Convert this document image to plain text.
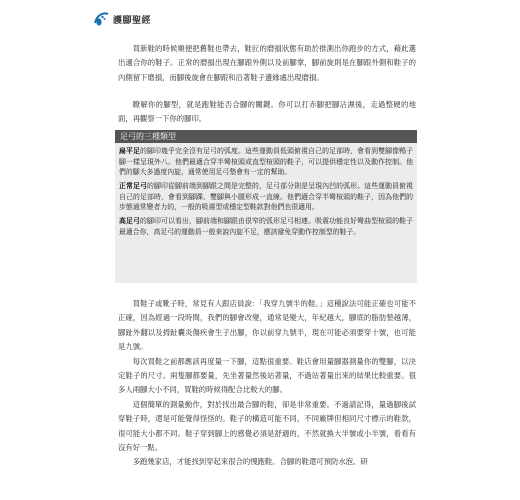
護腳聖經

買新鞋的時候順便把舊鞋也帶去，鞋匠的磨損狀態有助於推測出你跑步的方式，藉此選出適合你的鞋子。正常的磨損出現在腳跟外側以及前腳掌，腳前旋則是在腳跟外側和鞋子的內側留下磨損，而腳後旋會在腳跟和沿著鞋子邊緣處出現磨損。

瞭解你的腳型，就是跑鞋能否合腳的關鍵。你可以打赤腳把腳沾濕後，走過整硬的地面，再觀察一下你的腳印。

足弓的三種類型

扁平足的腳印幾乎完全沒有足弓的弧度。這些運動員低頭俯視自己的足部時，會看到雙腳像鴨子腳一樣呈現外八。他們最適合穿半彎楦頭或直型楦頭的鞋子，可以提供穩定性以及動作控制。他們的腳大多過度內旋，通常使用足弓墊會有一定的幫助。

正常足弓的腳印從腳前端到腳跟之間是完整的，足弓部分則是呈現內凹的弧形。這些運動員俯視自己的足部時，會看到腳踝、雙腳與小腿形成一直線。他們適合穿半彎楦頭的鞋子，因為他們的步態通常變者力的，一般的吸震型或穩定型鞋款對他們也很適用。

高足弓的腳印可以看出，腳前端和腳跟由很窄的弧形足弓相連。吸震功能良好彎曲型楦頭的鞋子最適合你，高足弓的運動員一般來說內旋不足，應該避免穿動作控制型的鞋子。

買鞋子或靴子時，常見有人跟店員說：「我穿九號半的鞋。」這種說法可能正確也可能不正確，因為經過一段時間，我們的腳會改變，通常是變大，年紀越大，腳底的脂肪墊越薄，腳趾外翻以及拇趾囊炎傷疾會生子出腳，你以前穿九號半，現在可能必須要穿十號，也可能是九號。

每次買鞋之前都應該再度量一下腳，這點很重要。鞋店會用量腳器測量你的雙腳，以決定鞋子的尺寸。兩隻腳都要量，先坐著量然後站著量，不過站著量出來的結果比較重要。很多人兩腳大小不同，買鞋的時候得配合比較大的腳。

這個簡單的測量動作，對於找出最合腳的鞋，卻是非常重要。不過請記得，量過腳後試穿鞋子時，還是可能覺得怪怪的。鞋子的構造可能不同，不同廠牌但相同尺寸標示的鞋款，很可能大小都不同。鞋子穿到腳上的感覺必須是舒適的，不然就換大半號或小半號，看看有沒有好一點。

多跑幾家店，才能找到穿起來很合的慢跑鞋。合腳的鞋還可預防水泡、研
